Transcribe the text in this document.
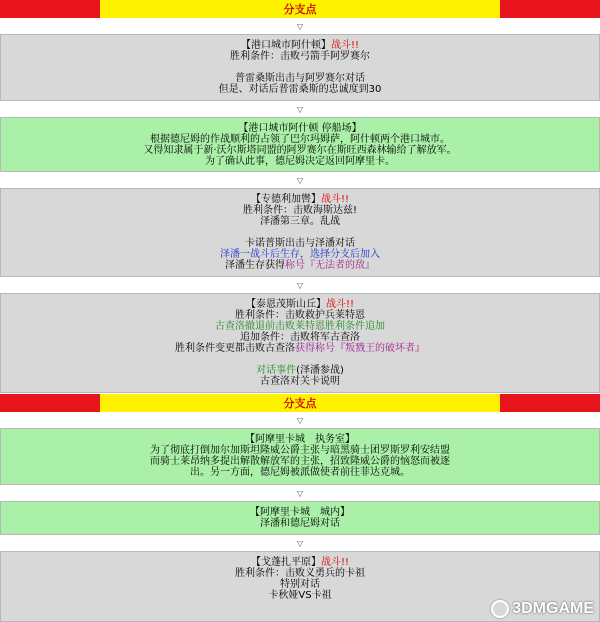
分支点
▽
【港口城市阿什顿】战斗!!
胜利条件：击败弓箭手阿罗赛尔
普雷桑斯出击与阿罗赛尔对话
但是、对话后普雷桑斯的忠诚度到30
▽
【港口城市阿什顿 停船场】
根据德尼姆的作战顺利的占领了巴尔玛姆萨，阿什顿两个港口城市。
又得知隶属于新·沃尔斯塔同盟的阿罗赛尔在斯旺西森林输给了解放军。
为了确认此事，德尼姆决定返回阿摩里卡。
▽
【专德利加辔】战斗!!
胜利条件：击败海斯达兹!
泽潘第三章。乱战
卡诺普斯出击与泽潘对话
泽潘一战斗后生存，选择分支后加入
泽潘生存获得称号『无法者的敌』
▽
【泰恩茂斯山丘】战斗!!
胜利条件：击败救护兵莱特恩
古查洛撤退前击败莱特恩胜利条件追加
追加条件：击败将军古查洛
胜利条件变更都击败古查洛获得称号『叛戮王的破坏者』
对话事件(泽潘参战)
古查洛对关卡说明
分支点
▽
【阿摩里卡城　执务室】
为了彻底打倒加尔加斯坦隆威公爵主张与暗黑骑士团罗斯罗利安结盟
而骑士莱昂纳多提出解散解放军的主张，招致隆威公爵的恼怒而被逐
出。另一方面，德尼姆被派做使者前往菲达克城。
▽
【阿摩里卡城　城内】
泽潘和德尼姆对话
▽
【戈蓬扎平原】战斗!!
胜利条件：击败义勇兵的卡祖
特别对话
卡秋娅VS卡祖
3DMGAME
